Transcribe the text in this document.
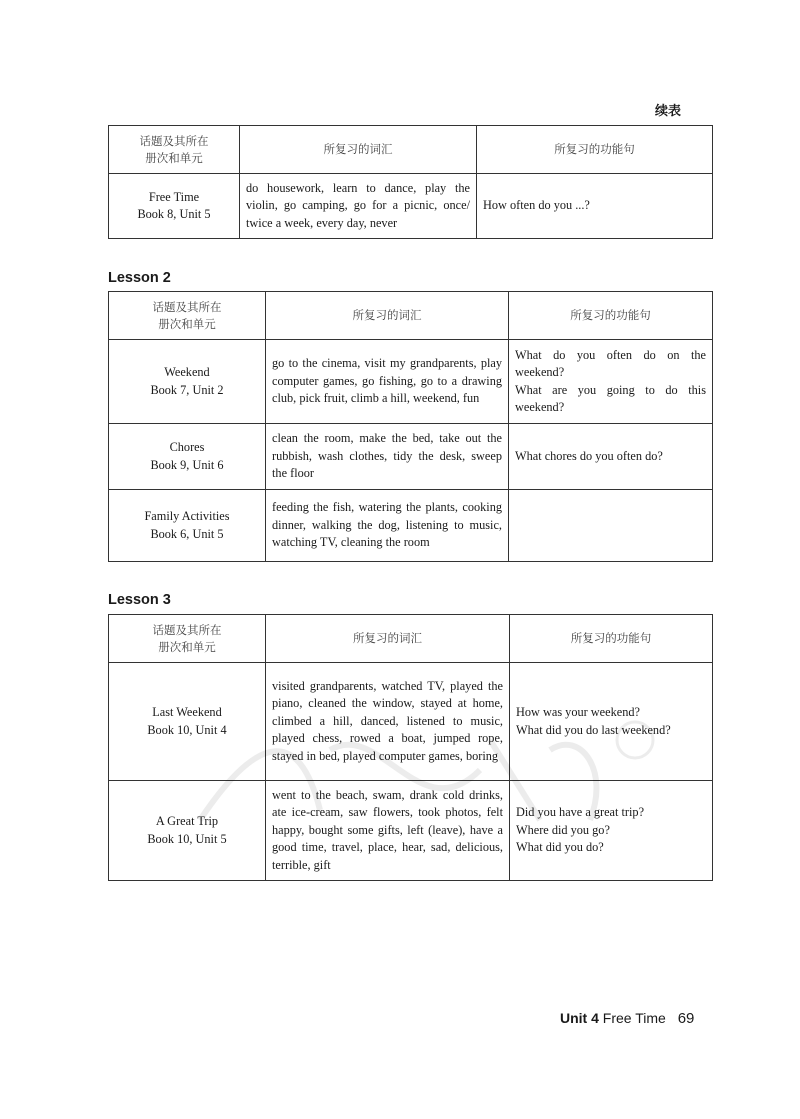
续表
话题及其所在
册次和单元	所复习的词汇	所复习的功能句
Free Time
Book 8, Unit 5	do housework, learn to dance, play the violin, go camping, go for a picnic, once/ twice a week, every day, never	How often do you ...?
Lesson 2
话题及其所在
册次和单元	所复习的词汇	所复习的功能句
Weekend
Book 7, Unit 2	go to the cinema, visit my grandparents, play computer games, go fishing, go to a drawing club, pick fruit, climb a hill, weekend, fun	What do you often do on the weekend?
What are you going to do this weekend?
Chores
Book 9, Unit 6	clean the room, make the bed, take out the rubbish, wash clothes, tidy the desk, sweep the floor	What chores do you often do?
Family Activities
Book 6, Unit 5	feeding the fish, watering the plants, cooking dinner, walking the dog, listening to music, watching TV, cleaning the room	
Lesson 3
话题及其所在
册次和单元	所复习的词汇	所复习的功能句
Last Weekend
Book 10, Unit 4	visited grandparents, watched TV, played the piano, cleaned the window, stayed at home, climbed a hill, danced, listened to music, played chess, rowed a boat, jumped rope, stayed in bed, played computer games, boring	How was your weekend?
What did you do last weekend?
A Great Trip
Book 10, Unit 5	went to the beach, swam, drank cold drinks, ate ice-cream, saw flowers, took photos, felt happy, bought some gifts, left (leave), have a good time, travel, place, hear, sad, delicious, terrible, gift	Did you have a great trip?
Where did you go?
What did you do?
Unit 4 Free Time 69
